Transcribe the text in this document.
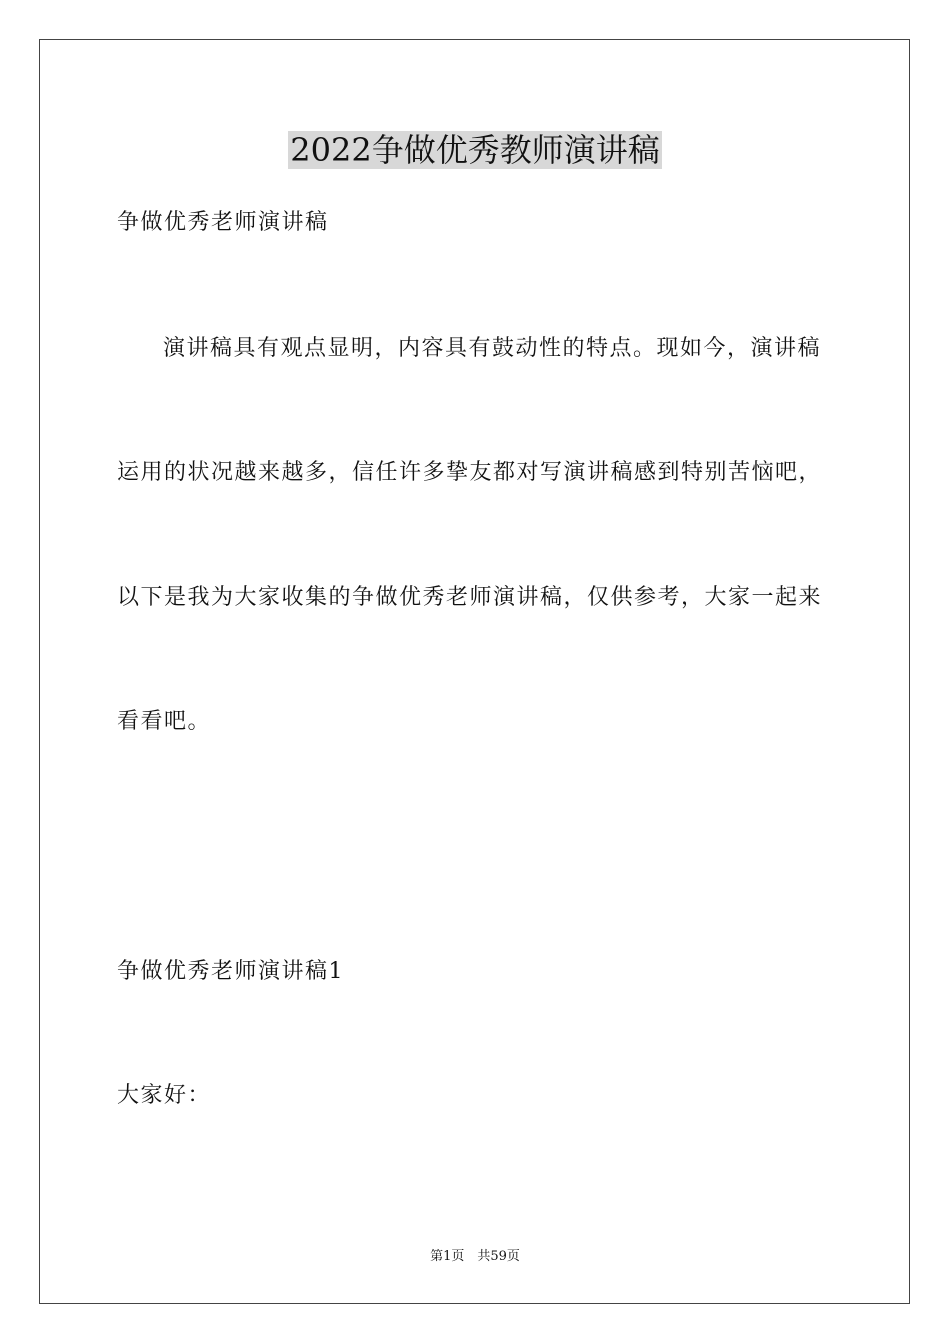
2022争做优秀教师演讲稿
争做优秀老师演讲稿
演讲稿具有观点显明，内容具有鼓动性的特点。现如今，演讲稿
运用的状况越来越多，信任许多挚友都对写演讲稿感到特别苦恼吧，
以下是我为大家收集的争做优秀老师演讲稿，仅供参考，大家一起来
看看吧。
争做优秀老师演讲稿1
大家好：
第1页　共59页
